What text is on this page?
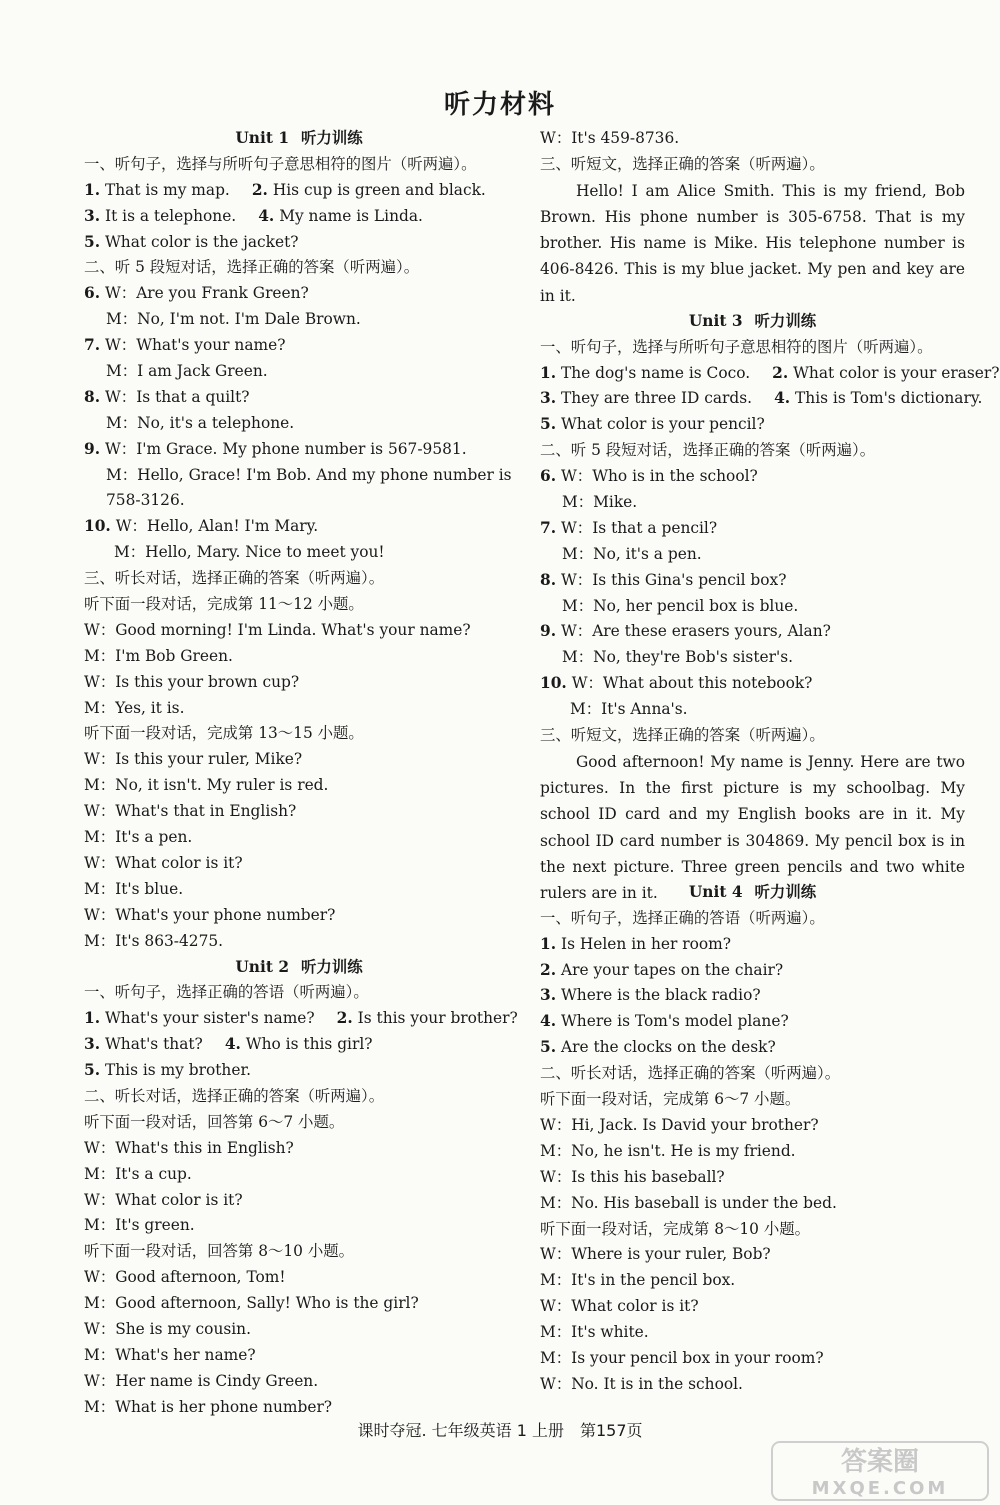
听力材料
Unit 1 听力训练
一、听句子，选择与所听句子意思相符的图片（听两遍）。
1. That is my map. 2. His cup is green and black.
3. It is a telephone. 4. My name is Linda.
5. What color is the jacket?
二、听 5 段短对话，选择正确的答案（听两遍）。
6. W：Are you Frank Green?
M：No, I'm not. I'm Dale Brown.
7. W：What's your name?
M：I am Jack Green.
8. W：Is that a quilt?
M：No, it's a telephone.
9. W：I'm Grace. My phone number is 567-9581.
M：Hello, Grace! I'm Bob. And my phone number is
758-3126.
10. W：Hello, Alan! I'm Mary.
M：Hello, Mary. Nice to meet you!
三、听长对话，选择正确的答案（听两遍）。
听下面一段对话，完成第 11～12 小题。
W：Good morning! I'm Linda. What's your name?
M：I'm Bob Green.
W：Is this your brown cup?
M：Yes, it is.
听下面一段对话，完成第 13～15 小题。
W：Is this your ruler, Mike?
M：No, it isn't. My ruler is red.
W：What's that in English?
M：It's a pen.
W：What color is it?
M：It's blue.
W：What's your phone number?
M：It's 863-4275.
Unit 2 听力训练
一、听句子，选择正确的答语（听两遍）。
1. What's your sister's name? 2. Is this your brother?
3. What's that? 4. Who is this girl?
5. This is my brother.
二、听长对话，选择正确的答案（听两遍）。
听下面一段对话，回答第 6～7 小题。
W：What's this in English?
M：It's a cup.
W：What color is it?
M：It's green.
听下面一段对话，回答第 8～10 小题。
W：Good afternoon, Tom!
M：Good afternoon, Sally! Who is the girl?
W：She is my cousin.
M：What's her name?
W：Her name is Cindy Green.
M：What is her phone number?
W：It's 459-8736.
三、听短文，选择正确的答案（听两遍）。
Hello! I am Alice Smith. This is my friend, Bob Brown. His phone number is 305-6758. That is my brother. His name is Mike. His telephone number is 406-8426. This is my blue jacket. My pen and key are in it.
Unit 3 听力训练
一、听句子，选择与所听句子意思相符的图片（听两遍）。
1. The dog's name is Coco. 2. What color is your eraser?
3. They are three ID cards. 4. This is Tom's dictionary.
5. What color is your pencil?
二、听 5 段短对话，选择正确的答案（听两遍）。
6. W：Who is in the school?
M：Mike.
7. W：Is that a pencil?
M：No, it's a pen.
8. W：Is this Gina's pencil box?
M：No, her pencil box is blue.
9. W：Are these erasers yours, Alan?
M：No, they're Bob's sister's.
10. W：What about this notebook?
M：It's Anna's.
三、听短文，选择正确的答案（听两遍）。
Good afternoon! My name is Jenny. Here are two pictures. In the first picture is my schoolbag. My school ID card and my English books are in it. My school ID card number is 304869. My pencil box is in the next picture. Three green pencils and two white rulers are in it.	Unit 4 听力训练
一、听句子，选择正确的答语（听两遍）。
1. Is Helen in her room?
2. Are your tapes on the chair?
3. Where is the black radio?
4. Where is Tom's model plane?
5. Are the clocks on the desk?
二、听长对话，选择正确的答案（听两遍）。
听下面一段对话，完成第 6～7 小题。
W：Hi, Jack. Is David your brother?
M：No, he isn't. He is my friend.
W：Is this his baseball?
M：No. His baseball is under the bed.
听下面一段对话，完成第 8～10 小题。
W：Where is your ruler, Bob?
M：It's in the pencil box.
W：What color is it?
M：It's white.
M：Is your pencil box in your room?
W：No. It is in the school.
课时夺冠. 七年级英语 1 上册　第157页
答案圈
MXQE.COM
